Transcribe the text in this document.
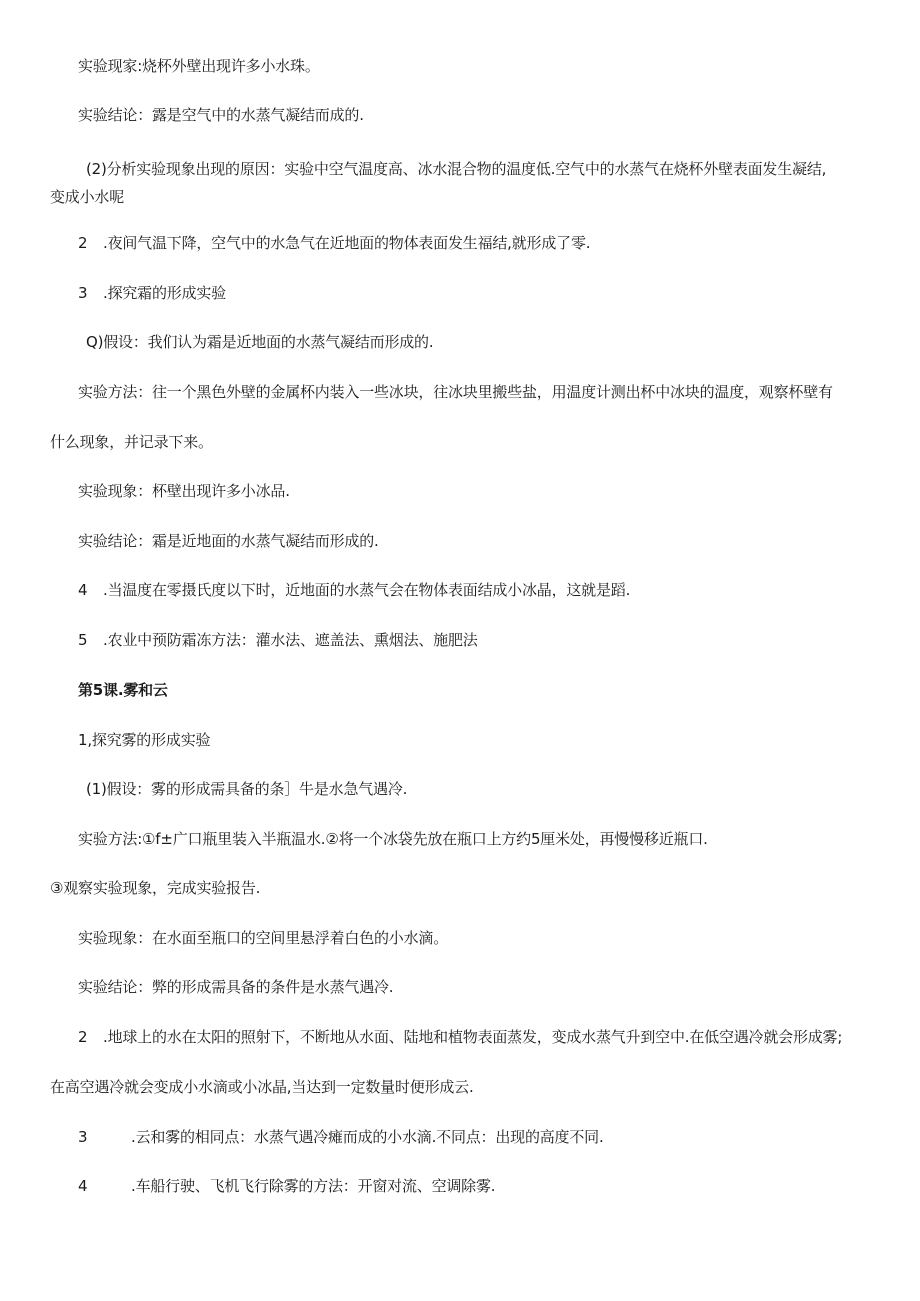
实验现家:烧杯外壁出现许多小水珠。
实验结论：露是空气中的水蒸气凝结而成的.
(2)分析实验现象出现的原因：实验中空气温度高、冰水混合物的温度低.空气中的水蒸气在烧杯外壁表面发生凝结,
变成小水呢
2 .夜间气温下降，空气中的水急气在近地面的物体表面发生福结,就形成了零.
3 .探究霜的形成实验
Q)假设：我们认为霜是近地面的水蒸气凝结而形成的.
实验方法：往一个黑色外壁的金属杯内装入一些冰块，往冰块里搬些盐，用温度计测出杯中冰块的温度，观察杯壁有
什么现象，并记录下来。
实验现象：杯壁出现许多小冰品.
实验结论：霜是近地面的水蒸气凝结而形成的.
4 .当温度在零摄氏度以下时，近地面的水蒸气会在物体表面结成小冰晶，这就是蹈.
5 .农业中预防霜冻方法：灌水法、遮盖法、熏烟法、施肥法
第5课.雾和云
1,探究雾的形成实验
(1)假设：雾的形成需具备的条］牛是水急气遇冷.
实验方法:①f±广口瓶里装入半瓶温水.②将一个冰袋先放在瓶口上方约5厘米处，再慢慢移近瓶口.
③观察实验现象，完成实验报告.
实验现象：在水面至瓶口的空间里悬浮着白色的小水滴。
实验结论：弊的形成需具备的条件是水蒸气遇冷.
2 .地球上的水在太阳的照射下，不断地从水面、陆地和植物表面蒸发，变成水蒸气升到空中.在低空遇冷就会形成雾;
在高空遇冷就会变成小水滴或小冰晶,当达到一定数量时便形成云.
3	.云和雾的相同点：水蒸气遇冷瘫而成的小水滴.不同点：出现的高度不同.
4	.车船行驶、飞机飞行除雾的方法：开窗对流、空调除雾.
